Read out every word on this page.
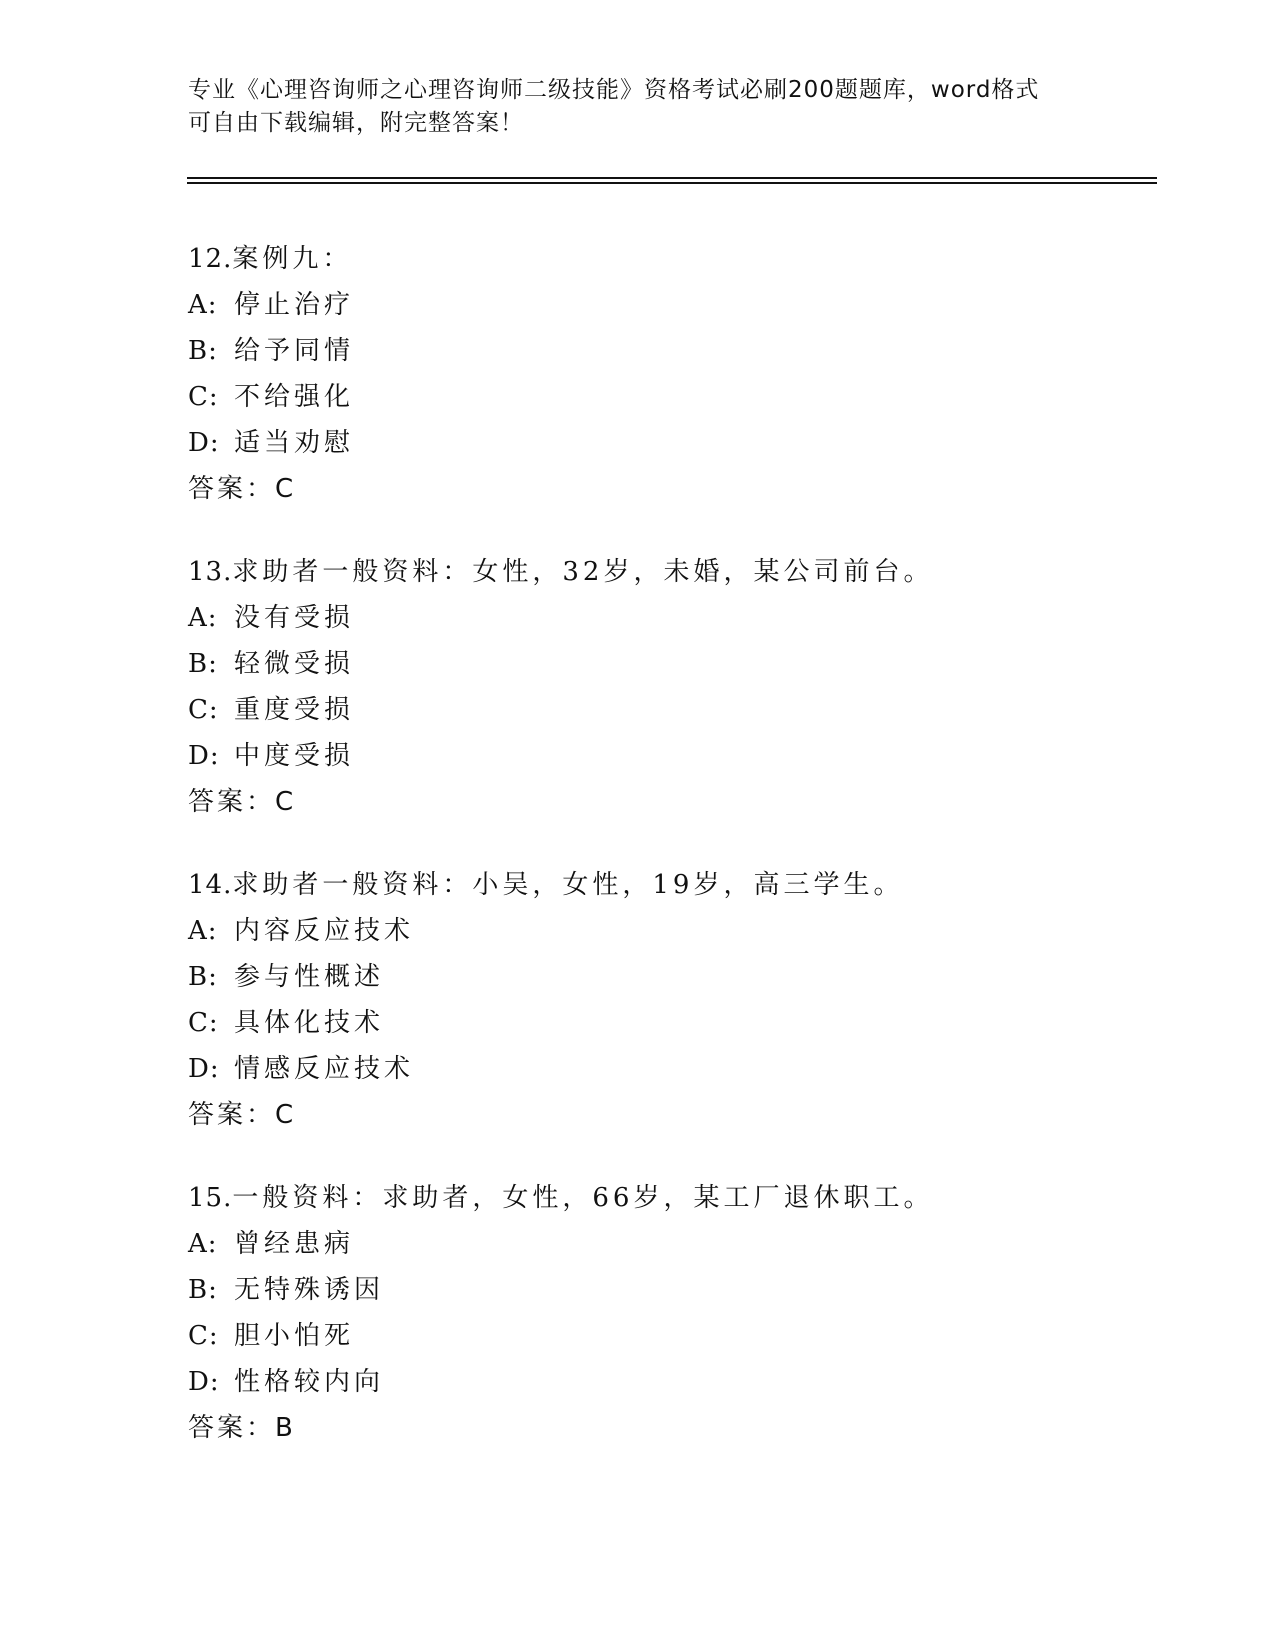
专业《心理咨询师之心理咨询师二级技能》资格考试必刷200题题库，word格式
可自由下载编辑，附完整答案！
12.案例九：
A: 停止治疗
B: 给予同情
C: 不给强化
D: 适当劝慰
答案：C
13.求助者一般资料：女性，32岁，未婚，某公司前台。
A: 没有受损
B: 轻微受损
C: 重度受损
D: 中度受损
答案：C
14.求助者一般资料：小吴，女性，19岁，高三学生。
A: 内容反应技术
B: 参与性概述
C: 具体化技术
D: 情感反应技术
答案：C
15.一般资料：求助者，女性，66岁，某工厂退休职工。
A: 曾经患病
B: 无特殊诱因
C: 胆小怕死
D: 性格较内向
答案：B
